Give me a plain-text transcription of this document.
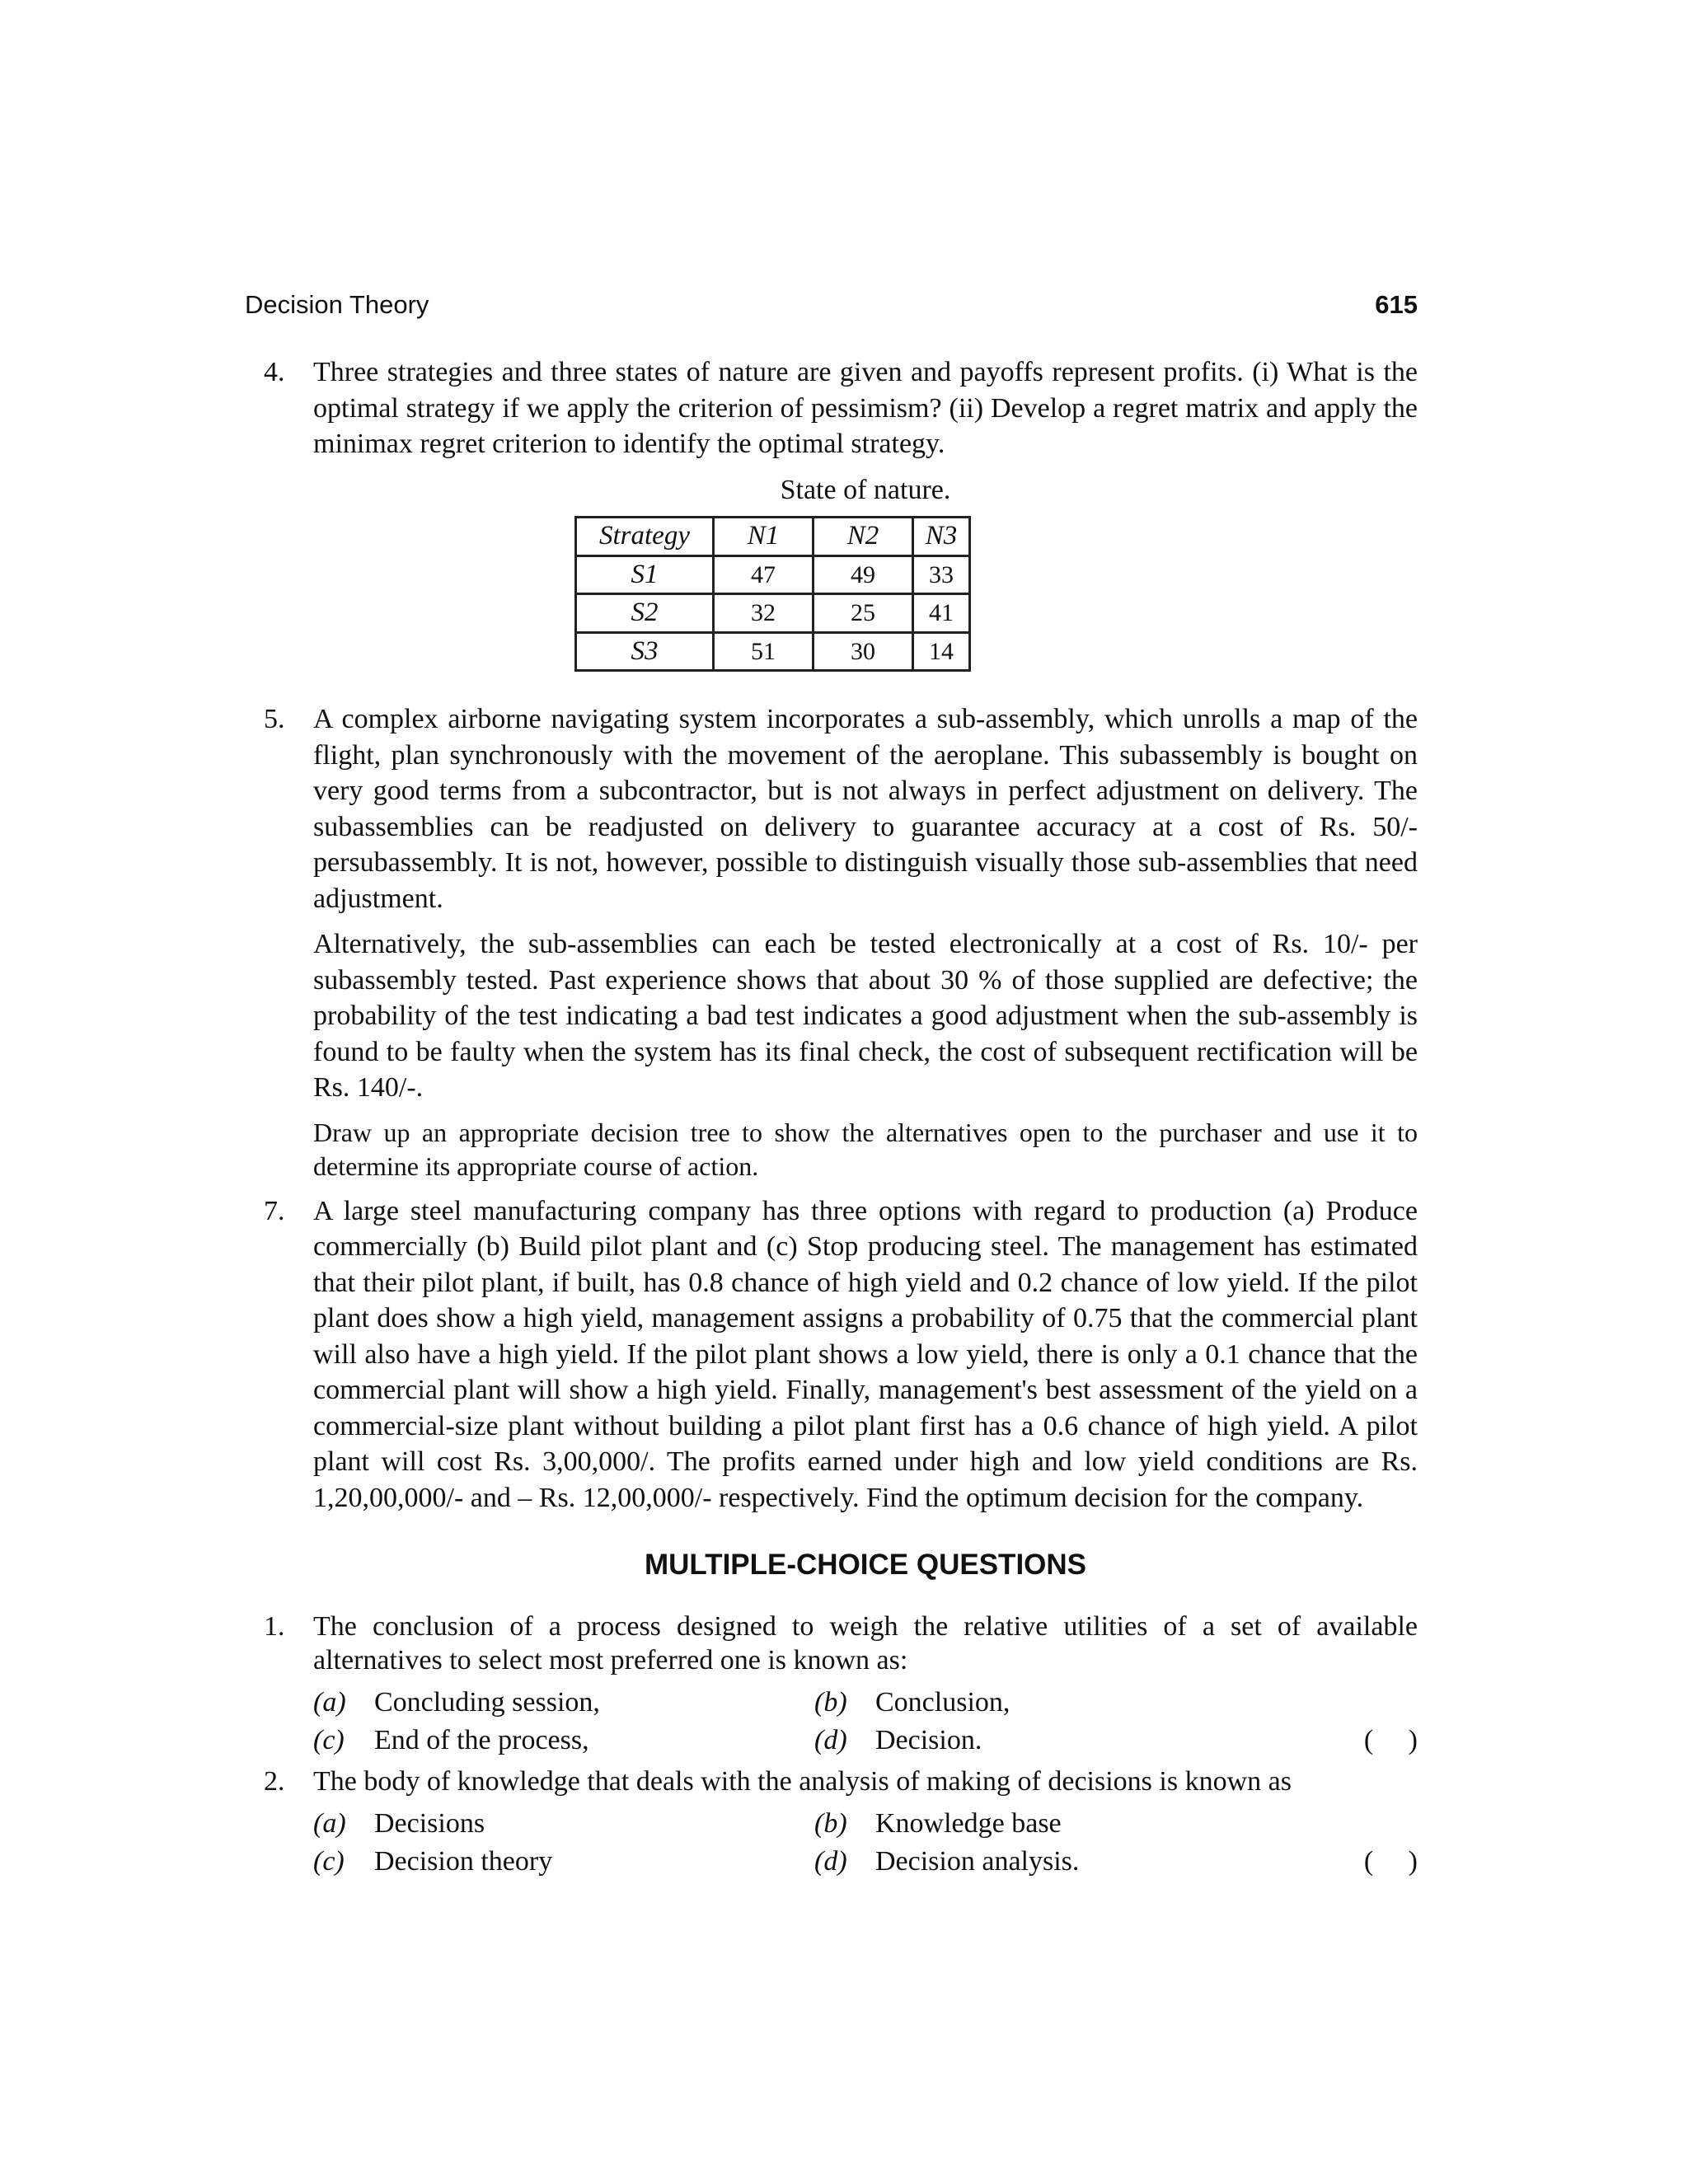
Decision Theory	615
4. Three strategies and three states of nature are given and payoffs represent profits. (i) What is the optimal strategy if we apply the criterion of pessimism? (ii) Develop a regret matrix and apply the minimax regret criterion to identify the optimal strategy.

State of nature.
Strategy	N1	N2	N3
S1	47	49	33
S2	32	25	41
S3	51	30	14
5. A complex airborne navigating system incorporates a sub-assembly, which unrolls a map of the flight, plan synchronously with the movement of the aeroplane. This subassembly is bought on very good terms from a subcontractor, but is not always in perfect adjustment on delivery. The subassemblies can be readjusted on delivery to guarantee accuracy at a cost of Rs. 50/- persubassembly. It is not, however, possible to distinguish visually those sub-assemblies that need adjustment.

Alternatively, the sub-assemblies can each be tested electronically at a cost of Rs. 10/- per subassembly tested. Past experience shows that about 30 % of those supplied are defective; the probability of the test indicating a bad test indicates a good adjustment when the sub-assembly is found to be faulty when the system has its final check, the cost of subsequent rectification will be Rs. 140/-.

Draw up an appropriate decision tree to show the alternatives open to the purchaser and use it to determine its appropriate course of action.

7. A large steel manufacturing company has three options with regard to production (a) Produce commercially (b) Build pilot plant and (c) Stop producing steel. The management has estimated that their pilot plant, if built, has 0.8 chance of high yield and 0.2 chance of low yield. If the pilot plant does show a high yield, management assigns a probability of 0.75 that the commercial plant will also have a high yield. If the pilot plant shows a low yield, there is only a 0.1 chance that the commercial plant will show a high yield. Finally, management's best assessment of the yield on a commercial-size plant without building a pilot plant first has a 0.6 chance of high yield. A pilot plant will cost Rs. 3,00,000/. The profits earned under high and low yield conditions are Rs. 1,20,00,000/- and – Rs. 12,00,000/- respectively. Find the optimum decision for the company.

MULTIPLE-CHOICE QUESTIONS
1. The conclusion of a process designed to weigh the relative utilities of a set of available alternatives to select most preferred one is known as:
(a) Concluding session,	(b) Conclusion,
(c) End of the process,	(d) Decision.	(     )
2. The body of knowledge that deals with the analysis of making of decisions is known as
(a) Decisions	(b) Knowledge base
(c) Decision theory	(d) Decision analysis.	(     )
